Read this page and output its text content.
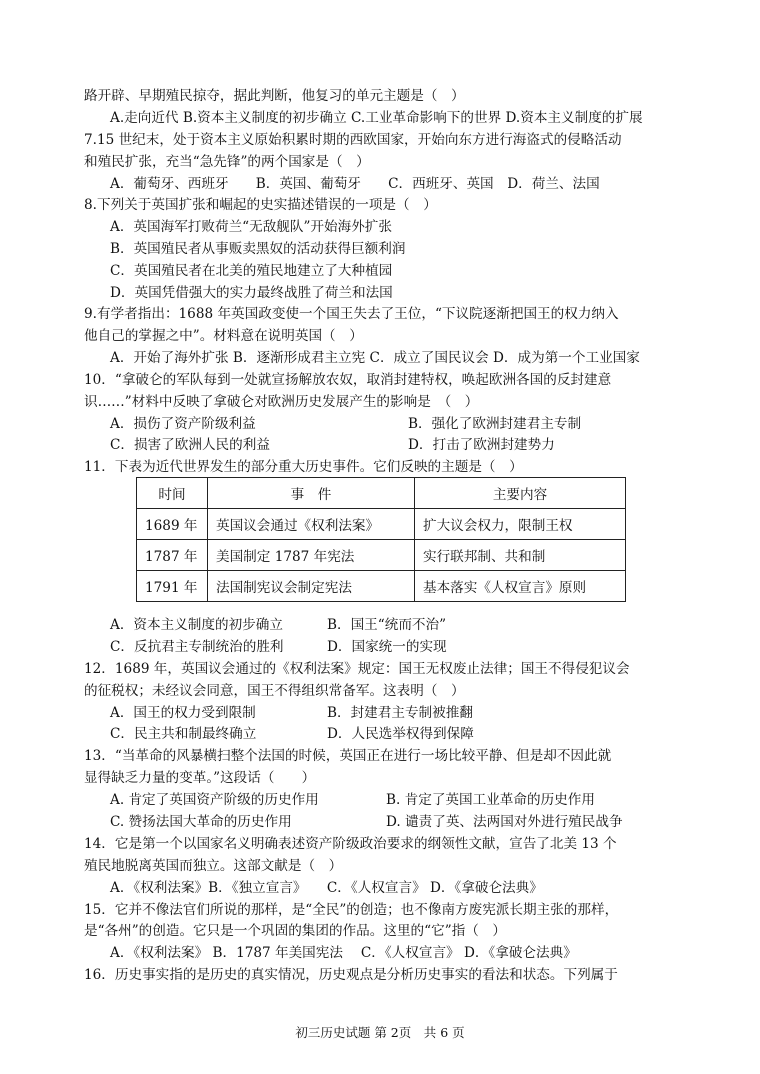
路开辟、早期殖民掠夺，据此判断，他复习的单元主题是（　）
A.走向近代 B.资本主义制度的初步确立 C.工业革命影响下的世界 D.资本主义制度的扩展
7.15 世纪末，处于资本主义原始积累时期的西欧国家，开始向东方进行海盗式的侵略活动
和殖民扩张，充当“急先锋”的两个国家是（　）
A．葡萄牙、西班牙　　B．英国、葡萄牙　　C．西班牙、英国　D．荷兰、法国
8.下列关于英国扩张和崛起的史实描述错误的一项是（　）
A．英国海军打败荷兰“无敌舰队”开始海外扩张
B．英国殖民者从事贩卖黑奴的活动获得巨额利润
C．英国殖民者在北美的殖民地建立了大种植园
D．英国凭借强大的实力最终战胜了荷兰和法国
9.有学者指出：1688 年英国政变使一个国王失去了王位，“下议院逐渐把国王的权力纳入
他自己的掌握之中”。材料意在说明英国（　）
A．开始了海外扩张 B．逐渐形成君主立宪 C．成立了国民议会 D．成为第一个工业国家
10．“拿破仑的军队每到一处就宣扬解放农奴，取消封建特权，唤起欧洲各国的反封建意
识……”材料中反映了拿破仑对欧洲历史发展产生的影响是　（　）
A．损伤了资产阶级利益	B．强化了欧洲封建君主专制
C．损害了欧洲人民的利益	D．打击了欧洲封建势力
11．下表为近代世界发生的部分重大历史事件。它们反映的主题是（　）
时间	事　件	主要内容
1689 年	英国议会通过《权利法案》	扩大议会权力，限制王权
1787 年	美国制定 1787 年宪法	实行联邦制、共和制
1791 年	法国制宪议会制定宪法	基本落实《人权宣言》原则
A．资本主义制度的初步确立	B．国王“统而不治”
C．反抗君主专制统治的胜利	D．国家统一的实现
12．1689 年，英国议会通过的《权利法案》规定：国王无权废止法律；国王不得侵犯议会
的征税权；未经议会同意，国王不得组织常备军。这表明（　）
A．国王的权力受到限制	B．封建君主专制被推翻
C．民主共和制最终确立	D．人民选举权得到保障
13．“当革命的风暴横扫整个法国的时候，英国正在进行一场比较平静、但是却不因此就
显得缺乏力量的变革。”这段话（　　）
A. 肯定了英国资产阶级的历史作用	B. 肯定了英国工业革命的历史作用
C. 赞扬法国大革命的历史作用	D. 谴责了英、法两国对外进行殖民战争
14．它是第一个以国家名义明确表述资产阶级政治要求的纲领性文献，宣告了北美 13 个
殖民地脱离英国而独立。这部文献是（　）
A．《权利法案》B．《独立宣言》　　C．《人权宣言》 D．《拿破仑法典》
15．它并不像法官们所说的那样，是“全民”的创造；也不像南方废宪派长期主张的那样，
是“各州”的创造。它只是一个巩固的集团的作品。这里的“它”指（　）
A．《权利法案》 B．1787 年美国宪法　 C．《人权宣言》 D．《拿破仑法典》
16．历史事实指的是历史的真实情况，历史观点是分析历史事实的看法和状态。下列属于
初三历史试题 第 2页　共 6 页
